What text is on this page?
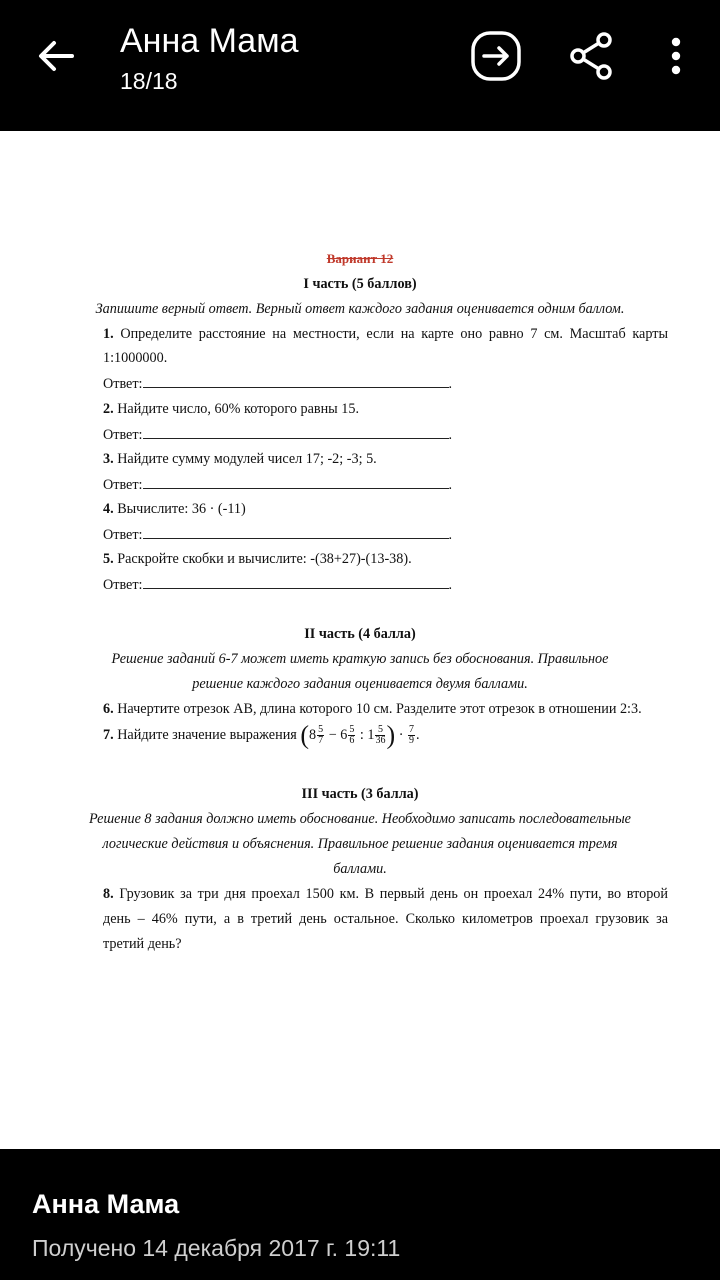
Анна Мама
18/18
Вариант 12
I часть (5 баллов)
Запишите верный ответ. Верный ответ каждого задания оценивается одним баллом.
1. Определите расстояние на местности, если на карте оно равно 7 см. Масштаб карты
1:1000000.
Ответ:	.
2. Найдите число, 60% которого равны 15.
Ответ:	.
3. Найдите сумму модулей чисел 17; -2; -3; 5.
Ответ:	.
4. Вычислите: 36 · (-11)
Ответ:	.
5. Раскройте скобки и вычислите: -(38+27)-(13-38).
Ответ:	.
II часть (4 балла)
Решение заданий 6-7 может иметь краткую запись без обоснования. Правильное
решение каждого задания оценивается двумя баллами.
6. Начертите отрезок AB, длина которого 10 см. Разделите этот отрезок в отношении 2:3.
7. Найдите значение выражения ($8 \frac{5}{7} - 6 \frac{5}{6}$ : $1 \frac{5}{36}$ ) · $\frac{7}{9}$ .
III часть (3 балла)
Решение 8 задания должно иметь обоснование. Необходимо записать последовательные
логические действия и объяснения. Правильное решение задания оценивается тремя
баллами.
8. Грузовик за три дня проехал 1500 км. В первый день он проехал 24% пути, во второй
день – 46% пути, а в третий день остальное. Сколько километров проехал грузовик за
третий день?
Анна Мама
Получено 14 декабря 2017 г. 19:11
